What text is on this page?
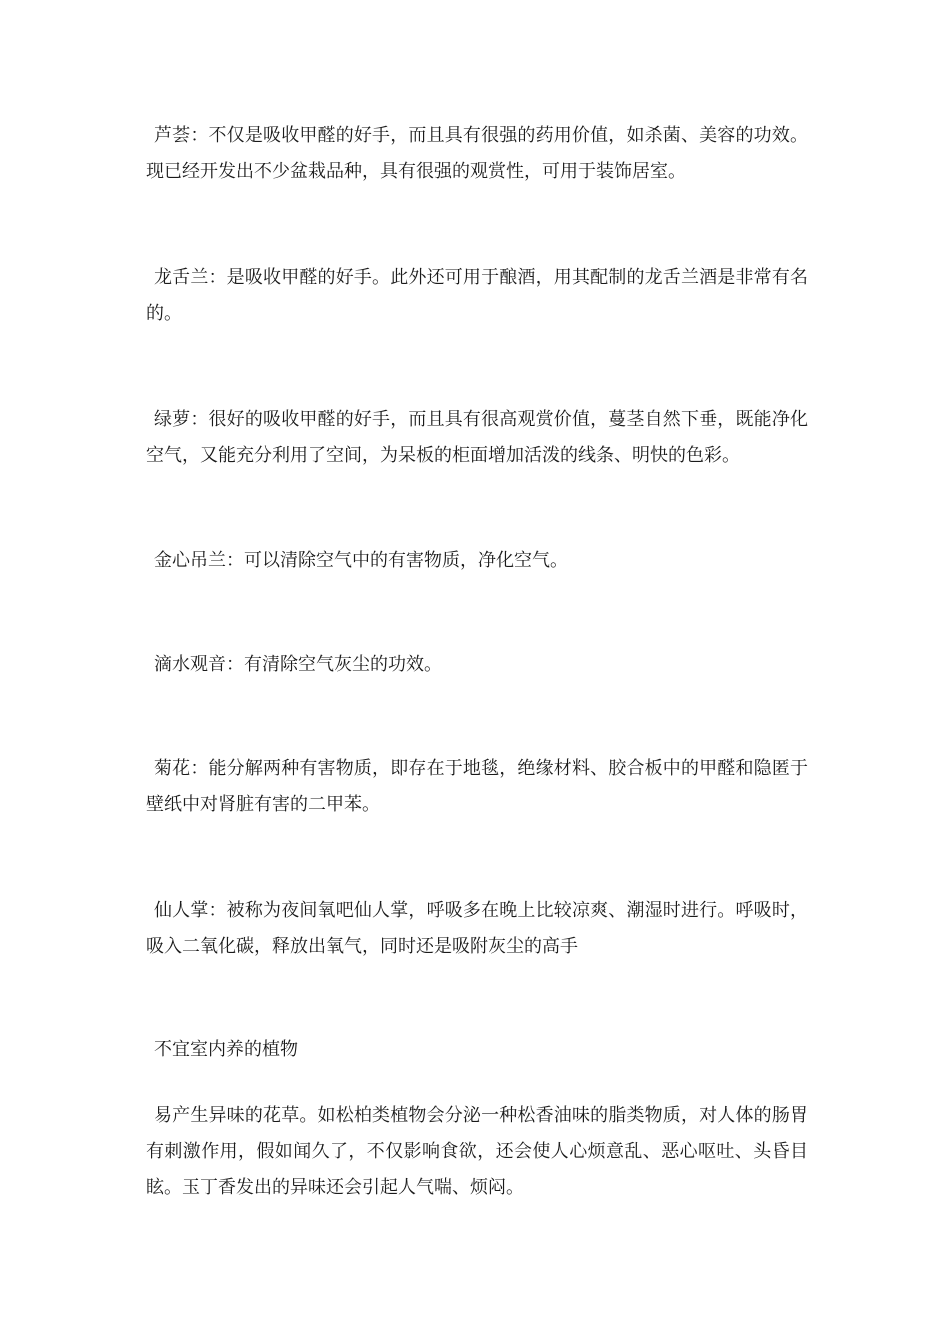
芦荟：不仅是吸收甲醛的好手，而且具有很强的药用价值，如杀菌、美容的功效。现已经开发出不少盆栽品种，具有很强的观赏性，可用于装饰居室。

龙舌兰：是吸收甲醛的好手。此外还可用于酿酒，用其配制的龙舌兰酒是非常有名的。

绿萝：很好的吸收甲醛的好手，而且具有很高观赏价值，蔓茎自然下垂，既能净化空气，又能充分利用了空间，为呆板的柜面增加活泼的线条、明快的色彩。

金心吊兰：可以清除空气中的有害物质，净化空气。

滴水观音：有清除空气灰尘的功效。

菊花：能分解两种有害物质，即存在于地毯，绝缘材料、胶合板中的甲醛和隐匿于壁纸中对肾脏有害的二甲苯。

仙人掌：被称为夜间氧吧仙人掌，呼吸多在晚上比较凉爽、潮湿时进行。呼吸时，吸入二氧化碳，释放出氧气，同时还是吸附灰尘的高手

不宜室内养的植物

易产生异味的花草。如松柏类植物会分泌一种松香油味的脂类物质，对人体的肠胃有刺激作用，假如闻久了，不仅影响食欲，还会使人心烦意乱、恶心呕吐、头昏目眩。玉丁香发出的异味还会引起人气喘、烦闷。
